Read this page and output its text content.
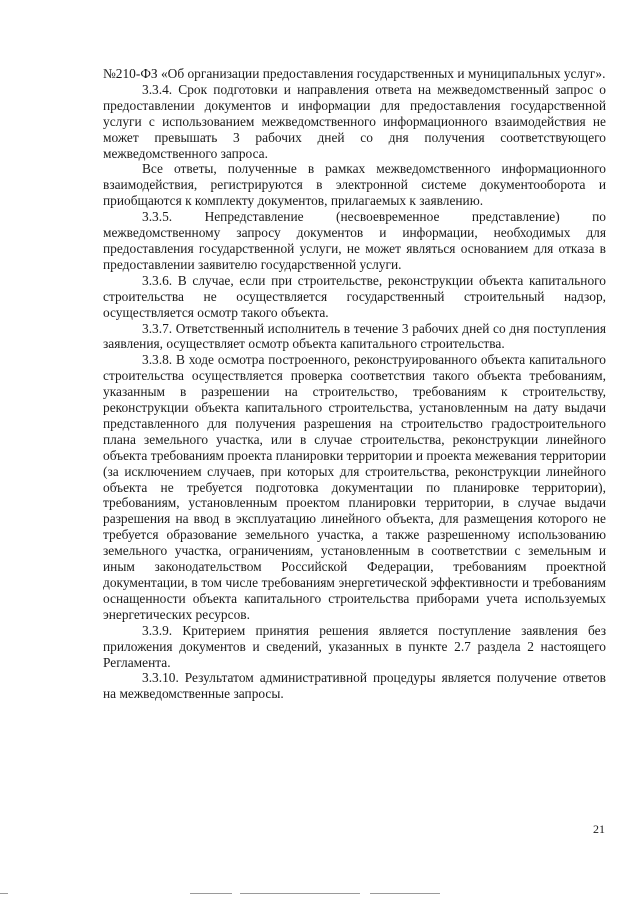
№210-ФЗ «Об организации предоставления государственных и муниципальных услуг».

3.3.4. Срок подготовки и направления ответа на межведомственный запрос о предоставлении документов и информации для предоставления государственной услуги с использованием межведомственного информационного взаимодействия не может превышать 3 рабочих дней со дня получения соответствующего межведомственного запроса.

Все ответы, полученные в рамках межведомственного информационного взаимодействия, регистрируются в электронной системе документооборота и приобщаются к комплекту документов, прилагаемых к заявлению.

3.3.5. Непредставление (несвоевременное представление) по межведомственному запросу документов и информации, необходимых для предоставления государственной услуги, не может являться основанием для отказа в предоставлении заявителю государственной услуги.

3.3.6. В случае, если при строительстве, реконструкции объекта капитального строительства не осуществляется государственный строительный надзор, осуществляется осмотр такого объекта.

3.3.7. Ответственный исполнитель в течение 3 рабочих дней со дня поступления заявления, осуществляет осмотр объекта капитального строительства.

3.3.8. В ходе осмотра построенного, реконструированного объекта капитального строительства осуществляется проверка соответствия такого объекта требованиям, указанным в разрешении на строительство, требованиям к строительству, реконструкции объекта капитального строительства, установленным на дату выдачи представленного для получения разрешения на строительство градостроительного плана земельного участка, или в случае строительства, реконструкции линейного объекта требованиям проекта планировки территории и проекта межевания территории (за исключением случаев, при которых для строительства, реконструкции линейного объекта не требуется подготовка документации по планировке территории), требованиям, установленным проектом планировки территории, в случае выдачи разрешения на ввод в эксплуатацию линейного объекта, для размещения которого не требуется образование земельного участка, а также разрешенному использованию земельного участка, ограничениям, установленным в соответствии с земельным и иным законодательством Российской Федерации, требованиям проектной документации, в том числе требованиям энергетической эффективности и требованиям оснащенности объекта капитального строительства приборами учета используемых энергетических ресурсов.

3.3.9. Критерием принятия решения является поступление заявления без приложения документов и сведений, указанных в пункте 2.7 раздела 2 настоящего Регламента.

3.3.10. Результатом административной процедуры является получение ответов на межведомственные запросы.

21
